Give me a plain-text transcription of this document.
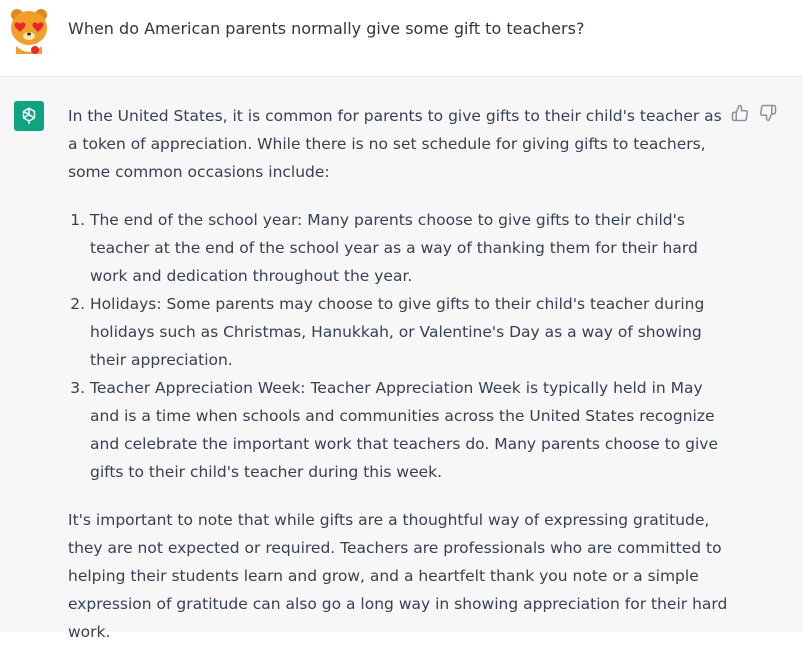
When do American parents normally give some gift to teachers?

In the United States, it is common for parents to give gifts to their child's teacher as a token of appreciation. While there is no set schedule for giving gifts to teachers, some common occasions include:

1. The end of the school year: Many parents choose to give gifts to their child's teacher at the end of the school year as a way of thanking them for their hard work and dedication throughout the year.
2. Holidays: Some parents may choose to give gifts to their child's teacher during holidays such as Christmas, Hanukkah, or Valentine's Day as a way of showing their appreciation.
3. Teacher Appreciation Week: Teacher Appreciation Week is typically held in May and is a time when schools and communities across the United States recognize and celebrate the important work that teachers do. Many parents choose to give gifts to their child's teacher during this week.

It's important to note that while gifts are a thoughtful way of expressing gratitude, they are not expected or required. Teachers are professionals who are committed to helping their students learn and grow, and a heartfelt thank you note or a simple expression of gratitude can also go a long way in showing appreciation for their hard work.
